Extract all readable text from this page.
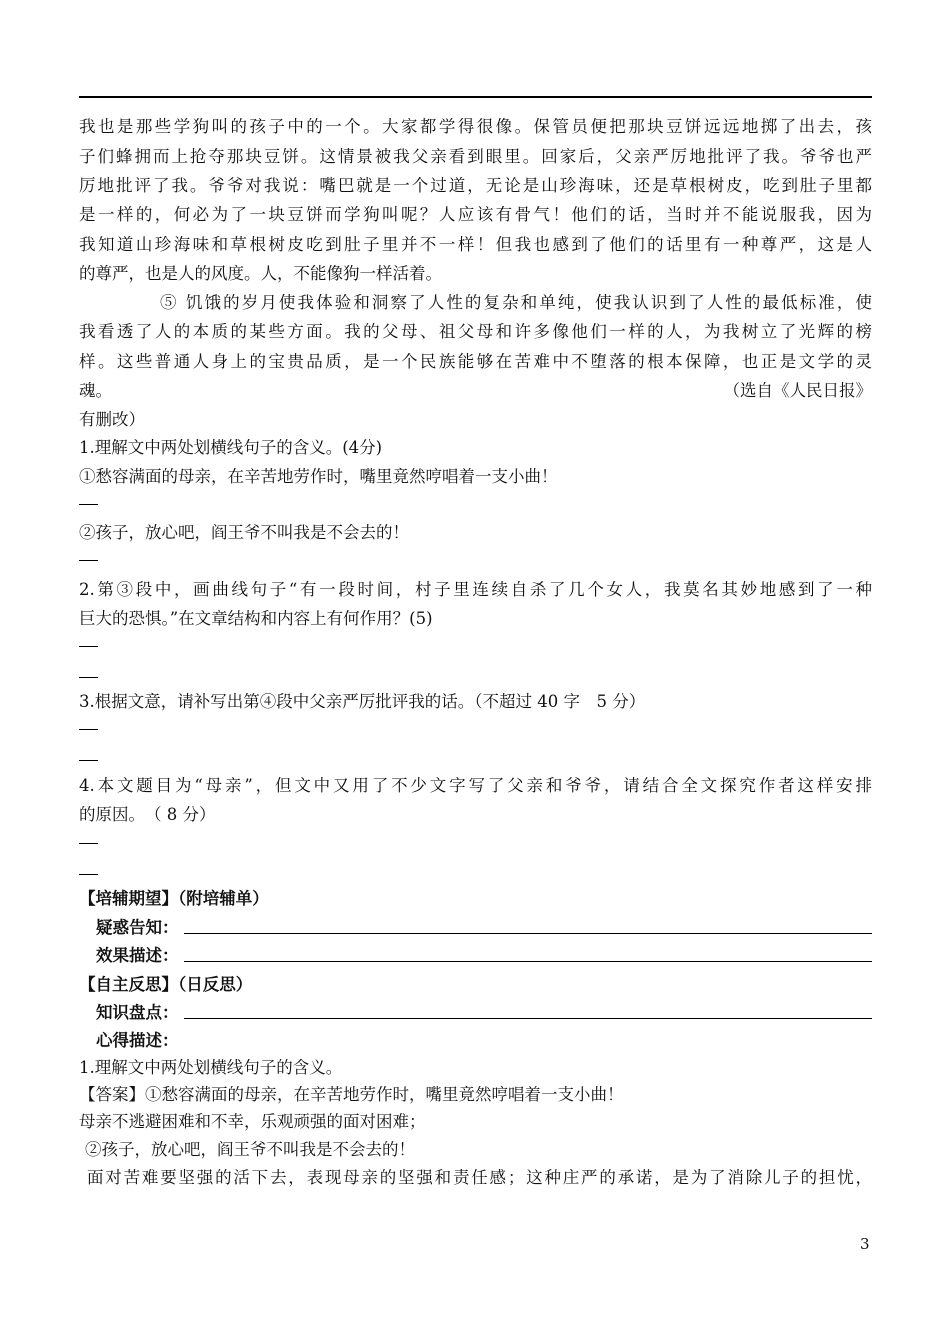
我也是那些学狗叫的孩子中的一个。大家都学得很像。保管员便把那块豆饼远远地掷了出去，孩
子们蜂拥而上抢夺那块豆饼。这情景被我父亲看到眼里。回家后，父亲严厉地批评了我。爷爷也严
厉地批评了我。爷爷对我说：嘴巴就是一个过道，无论是山珍海味，还是草根树皮，吃到肚子里都
是一样的，何必为了一块豆饼而学狗叫呢？人应该有骨气！他们的话，当时并不能说服我，因为
我知道山珍海味和草根树皮吃到肚子里并不一样！但我也感到了他们的话里有一种尊严，这是人
的尊严，也是人的风度。人，不能像狗一样活着。
⑤ 饥饿的岁月使我体验和洞察了人性的复杂和单纯，使我认识到了人性的最低标准，使
我看透了人的本质的某些方面。我的父母、祖父母和许多像他们一样的人，为我树立了光辉的榜
样。这些普通人身上的宝贵品质，是一个民族能够在苦难中不堕落的根本保障，也正是文学的灵
魂。	（选自《人民日报》
有删改）
1.理解文中两处划横线句子的含义。(4分)
①愁容满面的母亲，在辛苦地劳作时，嘴里竟然哼唱着一支小曲！
②孩子，放心吧，阎王爷不叫我是不会去的！
2.第③段中，画曲线句子“有一段时间，村子里连续自杀了几个女人，我莫名其妙地感到了一种
巨大的恐惧。”在文章结构和内容上有何作用？(5)
3.根据文意，请补写出第④段中父亲严厉批评我的话。（不超过 40 字　5 分）
4.本文题目为“母亲”，但文中又用了不少文字写了父亲和爷爷，请结合全文探究作者这样安排
的原因。　（ 8 分）
【培辅期望】（附培辅单）
疑惑告知：
效果描述：
【自主反思】（日反思）
知识盘点：
心得描述：
1.理解文中两处划横线句子的含义。
【答案】①愁容满面的母亲，在辛苦地劳作时，嘴里竟然哼唱着一支小曲！
母亲不逃避困难和不幸，乐观顽强的面对困难；
②孩子，放心吧，阎王爷不叫我是不会去的！
面对苦难要坚强的活下去，表现母亲的坚强和责任感；这种庄严的承诺，是为了消除儿子的担忧，
3
